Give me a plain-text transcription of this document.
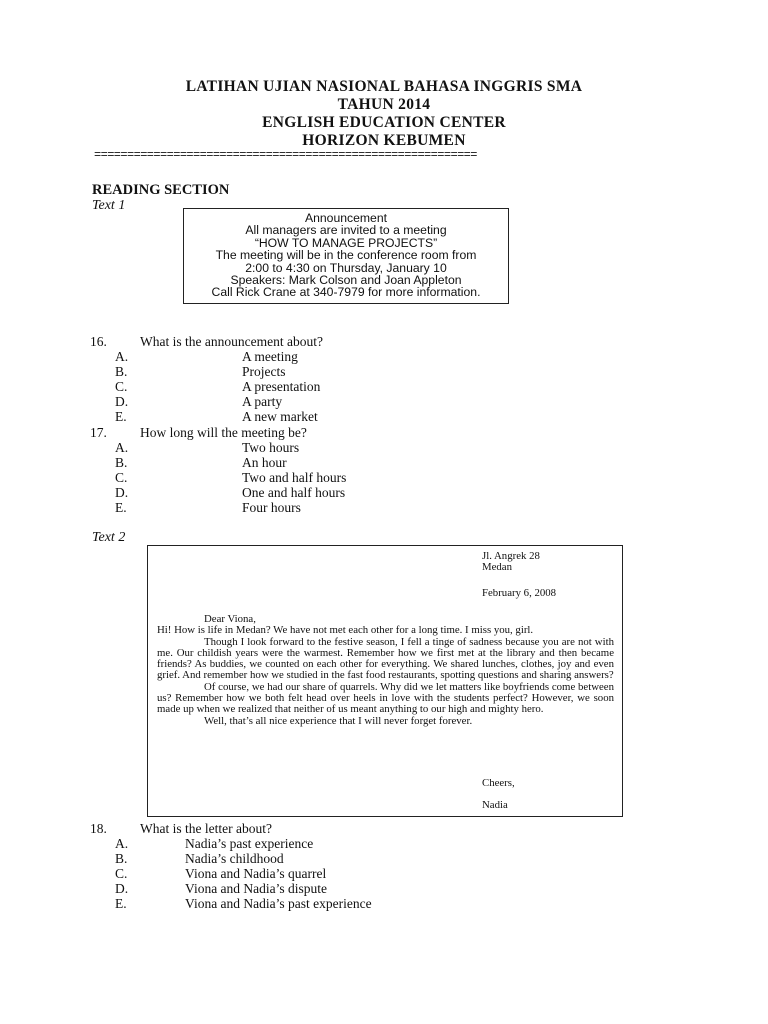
LATIHAN UJIAN NASIONAL BAHASA INGGRIS SMA
TAHUN 2014
ENGLISH EDUCATION CENTER
HORIZON KEBUMEN
==========================================================
READING SECTION
Text 1
Announcement
All managers are invited to a meeting
“HOW TO MANAGE PROJECTS”
The meeting will be in the conference room from
2:00 to 4:30 on Thursday, January 10
Speakers: Mark Colson and Joan Appleton
Call Rick Crane at 340-7979 for more information.
16.	What is the announcement about?
A.	A meeting
B.	Projects
C.	A presentation
D.	A party
E.	A new market
17.	How long will the meeting be?
A.	Two hours
B.	An hour
C.	Two and half hours
D.	One and half hours
E.	Four hours
Text 2
Jl. Angrek 28
Medan
February 6, 2008

Dear Viona,

Hi! How is life in Medan? We have not met each other for a long time. I miss you, girl.

Though I look forward to the festive season, I fell a tinge of sadness because you are not with me. Our childish years were the warmest. Remember how we first met at the library and then became friends? As buddies, we counted on each other for everything. We shared lunches, clothes, joy and even grief. And remember how we studied in the fast food restaurants, spotting questions and sharing answers?

Of course, we had our share of quarrels. Why did we let matters like boyfriends come between us? Remember how we both felt head over heels in love with the students perfect? However, we soon made up when we realized that neither of us meant anything to our high and mighty hero.

Well, that’s all nice experience that I will never forget forever.

Cheers,
Nadia
18.	What is the letter about?
A.	Nadia’s past experience
B.	Nadia’s childhood
C.	Viona and Nadia’s quarrel
D.	Viona and Nadia’s dispute
E.	Viona and Nadia’s past experience
